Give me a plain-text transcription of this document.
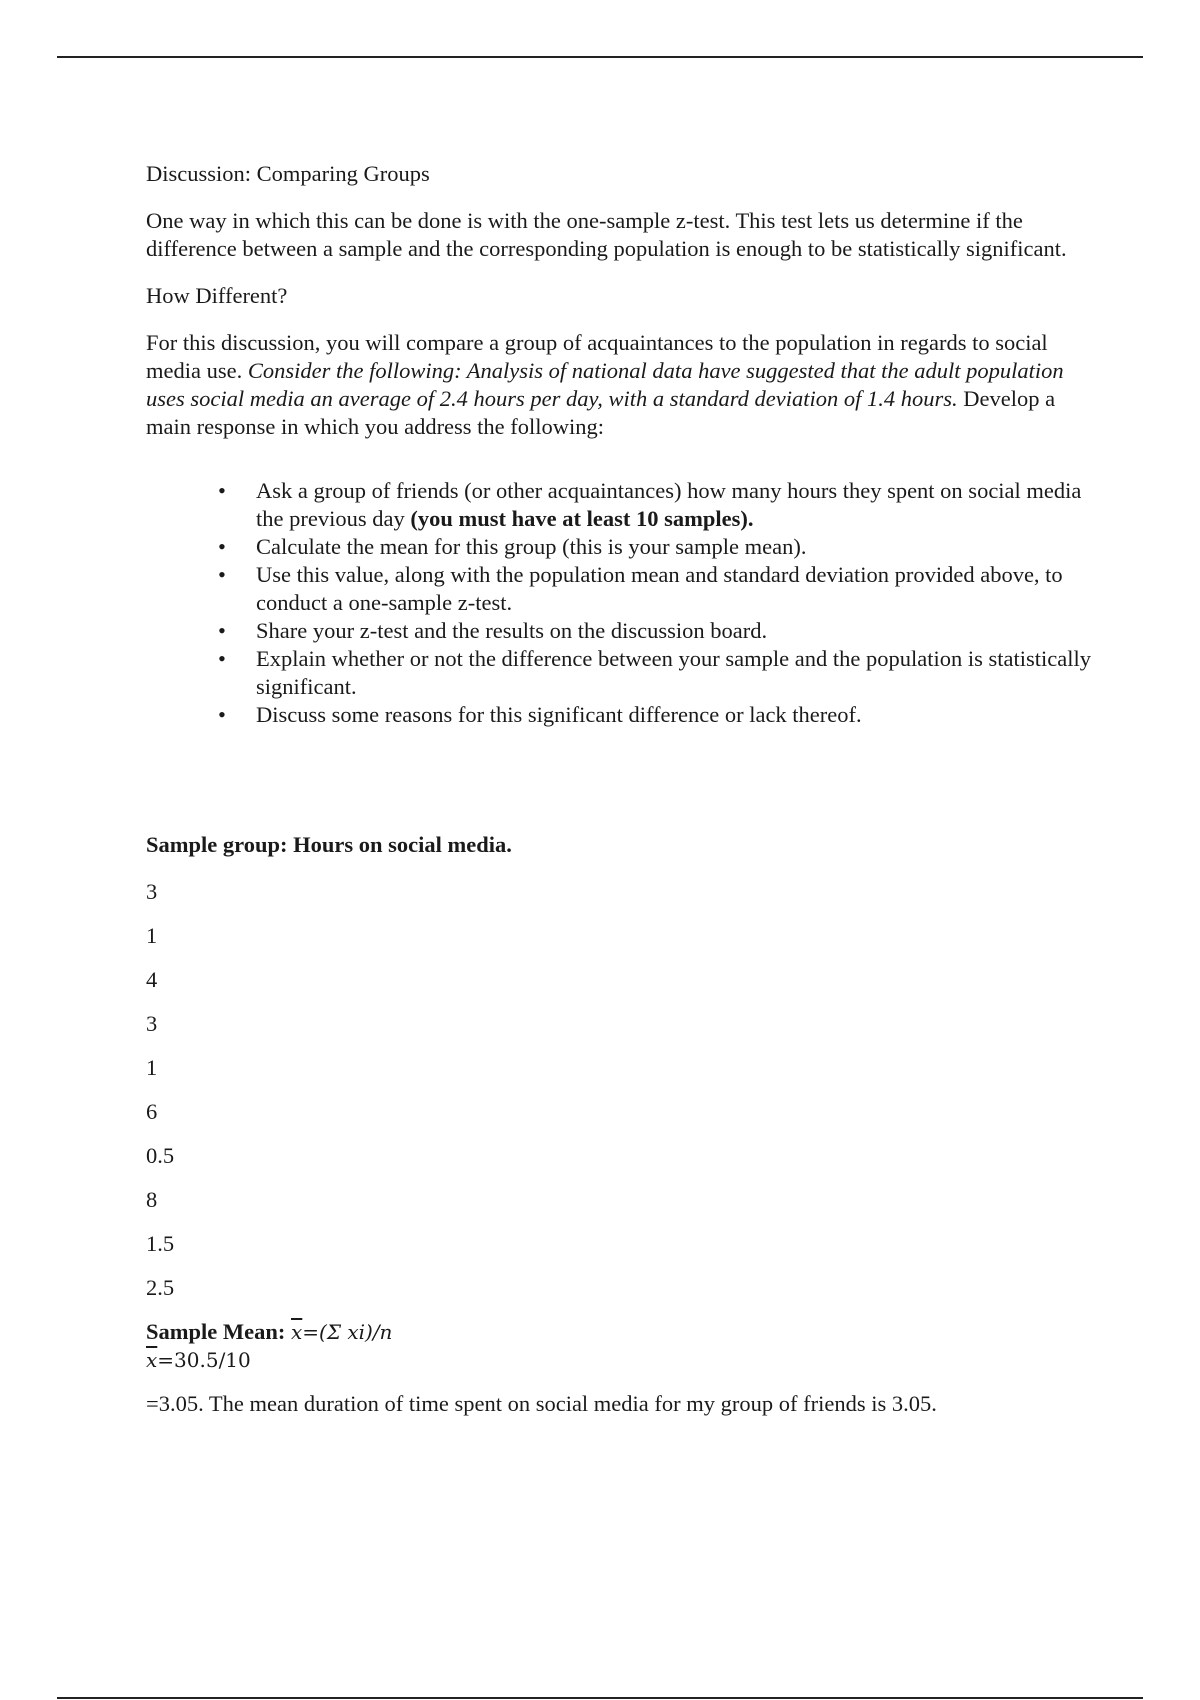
Discussion: Comparing Groups

One way in which this can be done is with the one-sample z-test. This test lets us determine if the difference between a sample and the corresponding population is enough to be statistically significant.

How Different?

For this discussion, you will compare a group of acquaintances to the population in regards to social media use. Consider the following: Analysis of national data have suggested that the adult population uses social media an average of 2.4 hours per day, with a standard deviation of 1.4 hours. Develop a main response in which you address the following:

• Ask a group of friends (or other acquaintances) how many hours they spent on social media the previous day (you must have at least 10 samples).
• Calculate the mean for this group (this is your sample mean).
• Use this value, along with the population mean and standard deviation provided above, to conduct a one-sample z-test.
• Share your z-test and the results on the discussion board.
• Explain whether or not the difference between your sample and the population is statistically significant.
• Discuss some reasons for this significant difference or lack thereof.

Sample group: Hours on social media.

3

1

4

3

1

6

0.5

8

1.5

2.5

Sample Mean: $\overline{x}=(\Sigma$ xi)/n

$\overline{x}=30.5/10$

=3.05. The mean duration of time spent on social media for my group of friends is 3.05.
